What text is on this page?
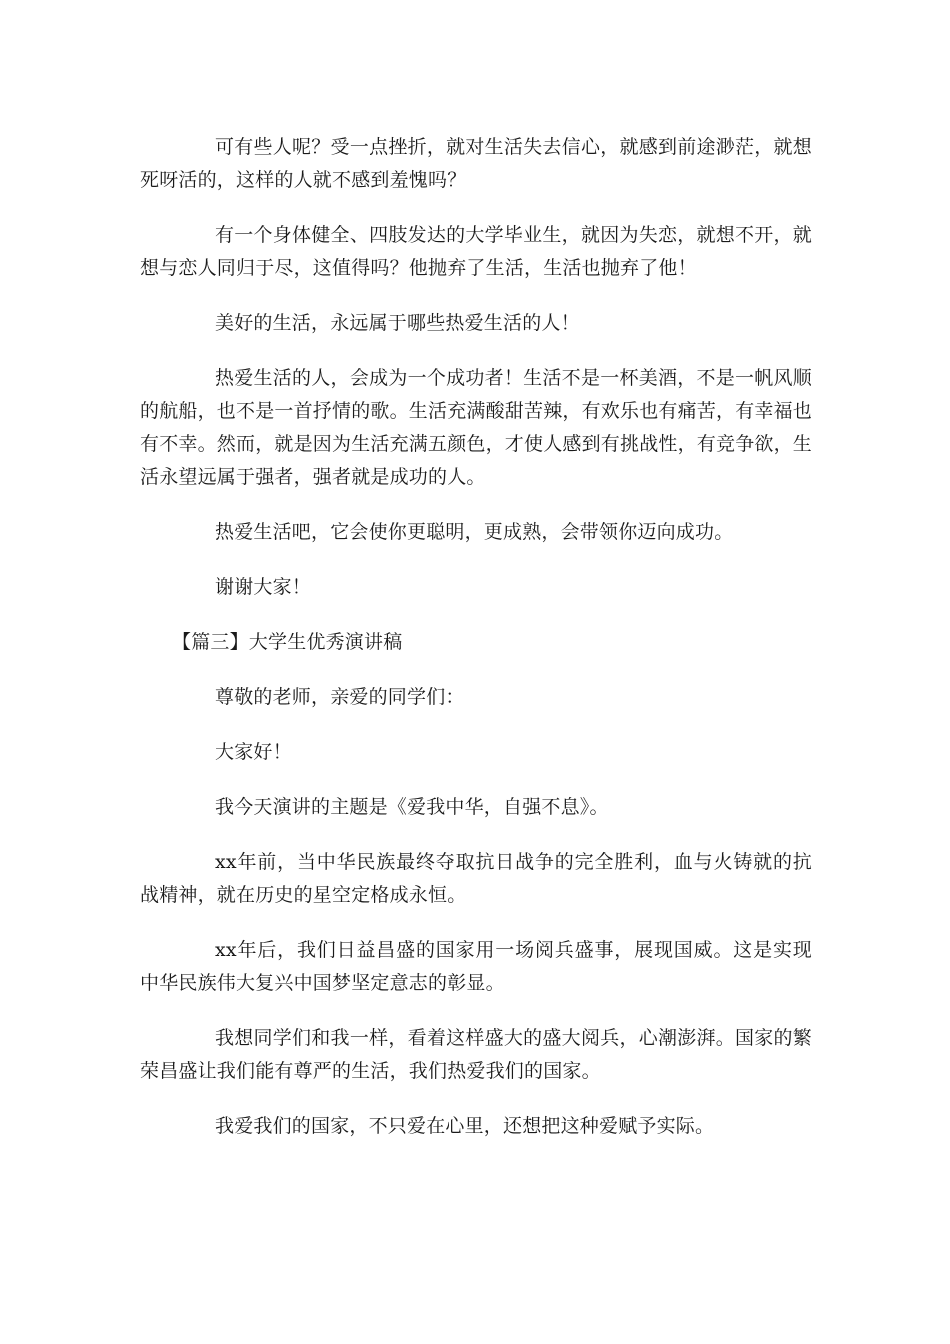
可有些人呢？受一点挫折，就对生活失去信心，就感到前途渺茫，就想死呀活的，这样的人就不感到羞愧吗？

有一个身体健全、四肢发达的大学毕业生，就因为失恋，就想不开，就想与恋人同归于尽，这值得吗？他抛弃了生活，生活也抛弃了他！

美好的生活，永远属于哪些热爱生活的人！

热爱生活的人，会成为一个成功者！生活不是一杯美酒，不是一帆风顺的航船，也不是一首抒情的歌。生活充满酸甜苦辣，有欢乐也有痛苦，有幸福也有不幸。然而，就是因为生活充满五颜色，才使人感到有挑战性，有竞争欲，生活永望远属于强者，强者就是成功的人。

热爱生活吧，它会使你更聪明，更成熟，会带领你迈向成功。

谢谢大家！

【篇三】大学生优秀演讲稿

尊敬的老师，亲爱的同学们：

大家好！

我今天演讲的主题是《爱我中华，自强不息》。

xx年前，当中华民族最终夺取抗日战争的完全胜利，血与火铸就的抗战精神，就在历史的星空定格成永恒。

xx年后，我们日益昌盛的国家用一场阅兵盛事，展现国威。这是实现中华民族伟大复兴中国梦坚定意志的彰显。

我想同学们和我一样，看着这样盛大的盛大阅兵，心潮澎湃。国家的繁荣昌盛让我们能有尊严的生活，我们热爱我们的国家。

我爱我们的国家，不只爱在心里，还想把这种爱赋予实际。
